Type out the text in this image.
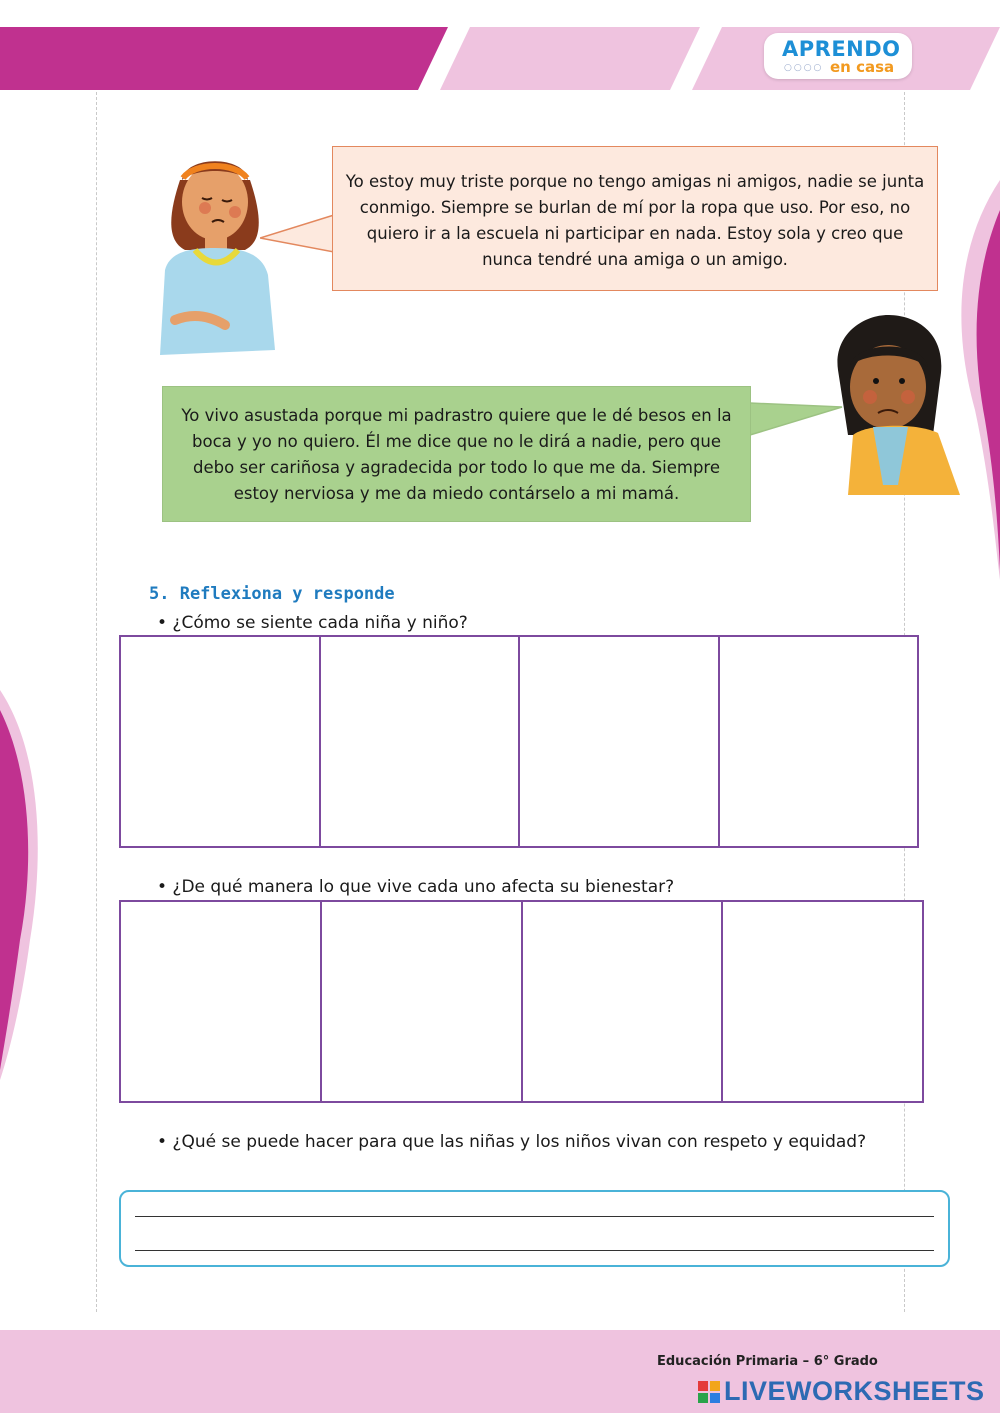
APRENDO
○○○○ en casa
Yo estoy muy triste porque no tengo amigas ni amigos, nadie se junta conmigo. Siempre se burlan de mí por la ropa que uso. Por eso, no quiero ir a la escuela ni participar en nada. Estoy sola y creo que nunca tendré una amiga o un amigo.
Yo vivo asustada porque mi padrastro quiere que le dé besos en la boca y yo no quiero. Él me dice que no le dirá a nadie, pero que debo ser cariñosa y agradecida por todo lo que me da. Siempre estoy nerviosa y me da miedo contárselo a mi mamá.
5. Reflexiona y responde
• ¿Cómo se siente cada niña y niño?
• ¿De qué manera lo que vive cada uno afecta su bienestar?
• ¿Qué se puede hacer para que las niñas y los niños vivan con respeto y equidad?
Educación Primaria – 6° Grado
LIVEWORKSHEETS
